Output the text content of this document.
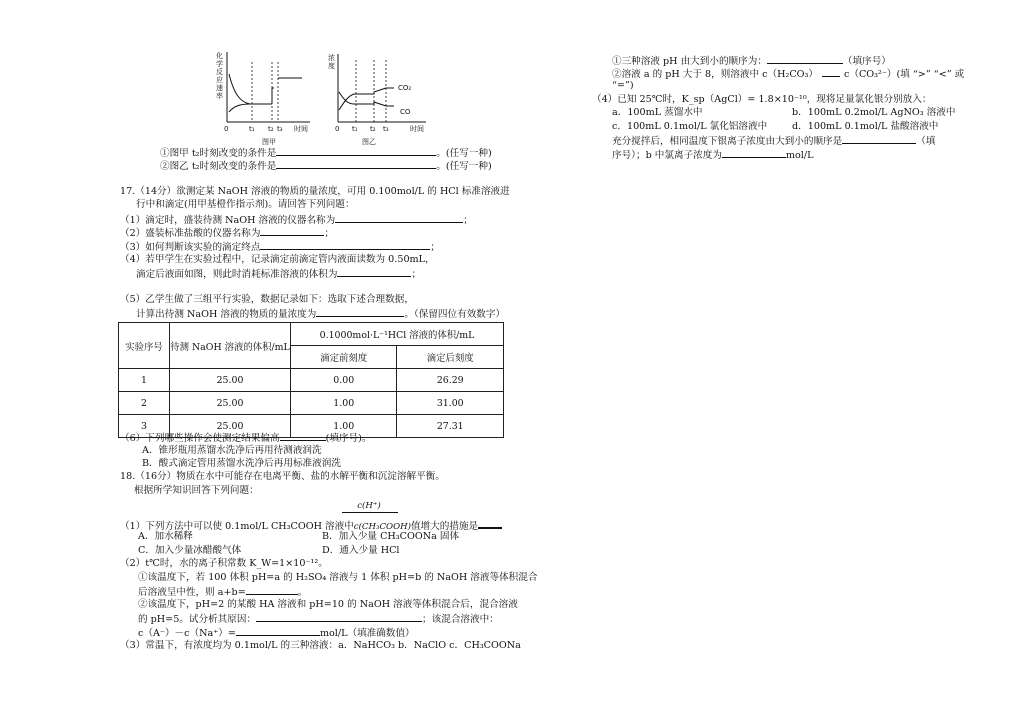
化
学
反
应
速
率
0	t₁ t₂ t₃ 时间
图甲
浓
度
CO₂
CO
0 t₁ t₂ t₃	时间
图乙
①图甲 t₂时刻改变的条件是	。(任写一种)
②图乙 t₂时刻改变的条件是	。(任写一种)
17.（14分）欲测定某 NaOH 溶液的物质的量浓度，可用 0.100mol/L 的 HCl 标准溶液进
行中和滴定(用甲基橙作指示剂)。请回答下列问题：
（1）滴定时，盛装待测 NaOH 溶液的仪器名称为	；
（2）盛装标准盐酸的仪器名称为	；
（3）如何判断该实验的滴定终点	；
（4）若甲学生在实验过程中，记录滴定前滴定管内液面读数为 0.50mL，
滴定后液面如图，则此时消耗标准溶液的体积为	；
（5）乙学生做了三组平行实验，数据记录如下：选取下述合理数据，
计算出待测 NaOH 溶液的物质的量浓度为	。（保留四位有效数字）
实验序号	待测 NaOH 溶液的体积/mL	0.1000mol·L⁻¹HCl 溶液的体积/mL	
		滴定前刻度	滴定后刻度
1	25.00	0.00	26.29
2	25.00	1.00	31.00
3	25.00	1.00	27.31
（6）下列哪些操作会使测定结果偏高	(填序号)。
A．锥形瓶用蒸馏水洗净后再用待测液润洗
B．酸式滴定管用蒸馏水洗净后再用标准液润洗
18.（16分）物质在水中可能存在电离平衡、盐的水解平衡和沉淀溶解平衡。
根据所学知识回答下列问题：
c(H⁺)
（1）下列方法中可以使 0.1mol/L CH₃COOH 溶液中c(CH₃COOH)值增大的措施是
A．加水稀释	B．加入少量 CH₃COONa 固体
C．加入少量冰醋酸气体	D．通入少量 HCl
（2）t℃时，水的离子积常数 K_W=1×10⁻¹²。
①该温度下，若 100 体积 pH=a 的 H₂SO₄ 溶液与 1 体积 pH=b 的 NaOH 溶液等体积混合
后溶液呈中性，则 a+b=	。
②该温度下，pH=2 的某酸 HA 溶液和 pH=10 的 NaOH 溶液等体积混合后，混合溶液
的 pH=5。试分析其原因：	；该混合溶液中：
c（A⁻）－c（Na⁺）=	mol/L（填准确数值）
（3）常温下，有浓度均为 0.1mol/L 的三种溶液：a．NaHCO₃ b．NaClO c．CH₃COONa
①三种溶液 pH 由大到小的顺序为：	（填序号）
②溶液 a 的 pH 大于 8，则溶液中 c（H₂CO₃）	c（CO₃²⁻）(填 “>” “<” 或
“=”)
（4）已知 25℃时，K_sp（AgCl）= 1.8×10⁻¹⁰，现将足量氯化银分别放入：
a．100mL 蒸馏水中	b．100mL 0.2mol/L AgNO₃ 溶液中
c．100mL 0.1mol/L 氯化铝溶液中	d．100mL 0.1mol/L 盐酸溶液中
充分搅拌后，相同温度下银离子浓度由大到小的顺序是	（填
序号）；b 中氯离子浓度为	mol/L
